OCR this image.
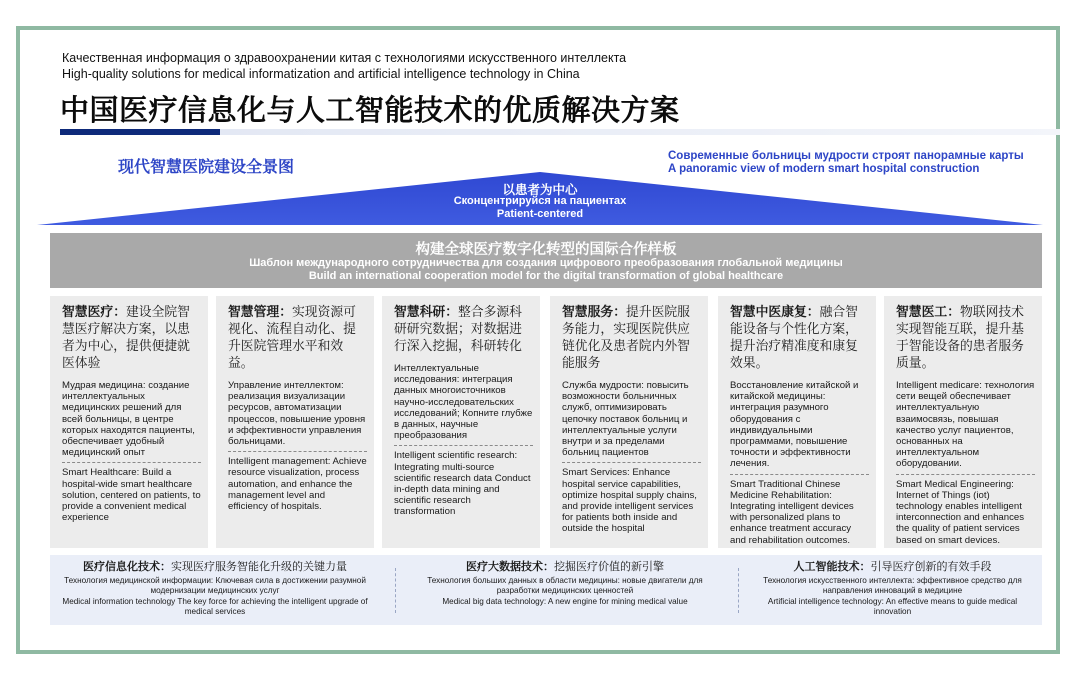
Качественная информация о здравоохранении китая с технологиями искусственного интеллекта
High-quality solutions for medical informatization and artificial intelligence technology in China
中国医疗信息化与人工智能技术的优质解决方案
现代智慧医院建设全景图
Современные больницы мудрости строят панорамные карты
A panoramic view of modern smart hospital construction
以患者为中心
Сконцентрируйся на пациентах
Patient-centered
构建全球医疗数字化转型的国际合作样板
Шаблон международного сотрудничества для создания цифрового преобразования глобальной медицины
Build an international cooperation model for the digital transformation of global healthcare
智慧医疗：建设全院智慧医疗解决方案，以患者为中心，提供便捷就医体验
Мудрая медицина: создание интеллектуальных медицинских решений для всей больницы, в центре которых находятся пациенты, обеспечивает удобный медицинский опыт
Smart Healthcare: Build a hospital-wide smart healthcare solution, centered on patients, to provide a convenient medical experience
智慧管理：实现资源可视化、流程自动化、提升医院管理水平和效益。
Управление интеллектом: реализация визуализации ресурсов, автоматизации процессов, повышение уровня и эффективности управления больницами.
Intelligent management: Achieve resource visualization, process automation, and enhance the management level and efficiency of hospitals.
智慧科研：整合多源科研研究数据；对数据进行深入挖掘，科研转化
Интеллектуальные исследования: интеграция данных многоисточников научно-исследовательских исследований; Копните глубже в данных, научные преобразования
Intelligent scientific research: Integrating multi-source scientific research data Conduct in-depth data mining and scientific research transformation
智慧服务：提升医院服务能力，实现医院供应链优化及患者院内外智能服务
Служба мудрости: повысить возможности больничных служб, оптимизировать цепочку поставок больниц и интеллектуальные услуги внутри и за пределами больниц пациентов
Smart Services: Enhance hospital service capabilities, optimize hospital supply chains, and provide intelligent services for patients both inside and outside the hospital
智慧中医康复：融合智能设备与个性化方案，提升治疗精准度和康复效果。
Восстановление китайской и китайской медицины: интеграция разумного оборудования с индивидуальными программами, повышение точности и эффективности лечения.
Smart Traditional Chinese Medicine Rehabilitation: Integrating intelligent devices with personalized plans to enhance treatment accuracy and rehabilitation outcomes.
智慧医工：物联网技术实现智能互联，提升基于智能设备的患者服务质量。
Intelligent medicare: технология сети вещей обеспечивает интеллектуальную взаимосвязь, повышая качество услуг пациентов, основанных на интеллектуальном оборудовании.
Smart Medical Engineering: Internet of Things (iot) technology enables intelligent interconnection and enhances the quality of patient services based on smart devices.
医疗信息化技术：实现医疗服务智能化升级的关键力量
Технология медицинской информации: Ключевая сила в достижении разумной модернизации медицинских услуг
Medical information technology The key force for achieving the intelligent upgrade of medical services
医疗大数据技术：挖掘医疗价值的新引擎
Технология больших данных в области медицины: новые двигатели для разработки медицинских ценностей
Medical big data technology: A new engine for mining medical value
人工智能技术：引导医疗创新的有效手段
Технология искусственного интеллекта: эффективное средство для направления инноваций в медицине
Artificial intelligence technology: An effective means to guide medical innovation
